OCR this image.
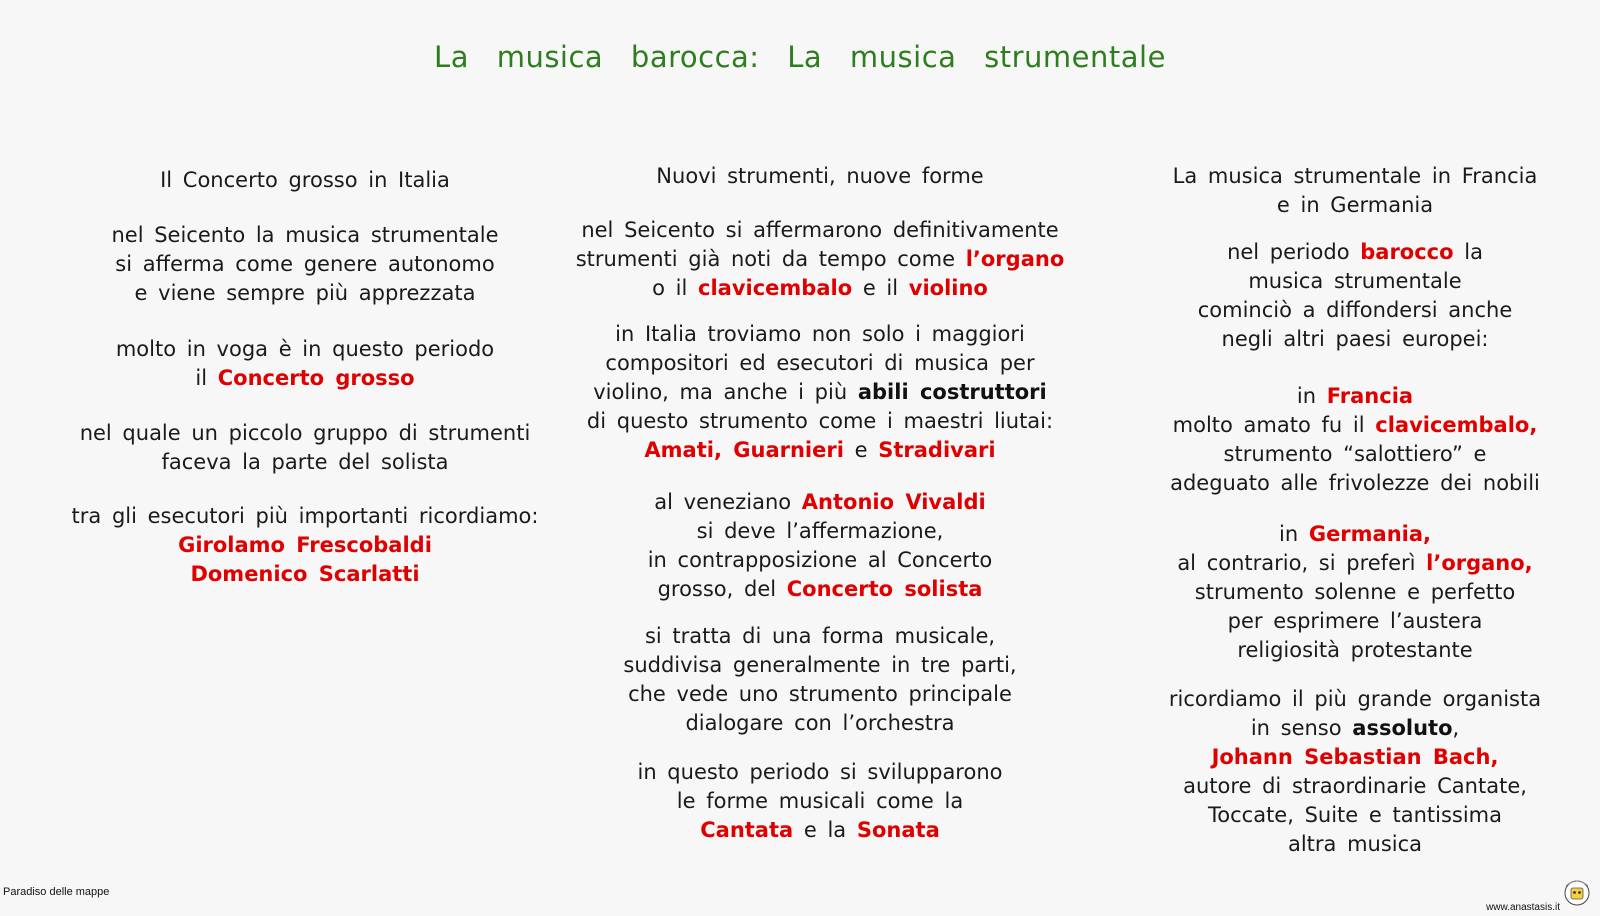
La musica barocca: La musica strumentale
Il Concerto grosso in Italia
nel Seicento la musica strumentale
si afferma come genere autonomo
e viene sempre più apprezzata
molto in voga è in questo periodo
il Concerto grosso
nel quale un piccolo gruppo di strumenti
faceva la parte del solista
tra gli esecutori più importanti ricordiamo:
Girolamo Frescobaldi
Domenico Scarlatti
Nuovi strumenti, nuove forme
nel Seicento si affermarono definitivamente
strumenti già noti da tempo come l’organo
o il clavicembalo e il violino
in Italia troviamo non solo i maggiori
compositori ed esecutori di musica per
violino, ma anche i più abili costruttori
di questo strumento come i maestri liutai:
Amati, Guarnieri e Stradivari
al veneziano Antonio Vivaldi
si deve l’affermazione,
in contrapposizione al Concerto
grosso, del Concerto solista
si tratta di una forma musicale,
suddivisa generalmente in tre parti,
che vede uno strumento principale
dialogare con l’orchestra
in questo periodo si svilupparono
le forme musicali come la
Cantata e la Sonata
La musica strumentale in Francia
e in Germania
nel periodo barocco la
musica strumentale
cominciò a diffondersi anche
negli altri paesi europei:
in Francia
molto amato fu il clavicembalo,
strumento “salottiero” e
adeguato alle frivolezze dei nobili
in Germania,
al contrario, si preferì l’organo,
strumento solenne e perfetto
per esprimere l’austera
religiosità protestante
ricordiamo il più grande organista
in senso assoluto,
Johann Sebastian Bach,
autore di straordinarie Cantate,
Toccate, Suite e tantissima
altra musica
Paradiso delle mappe
www.anastasis.it
